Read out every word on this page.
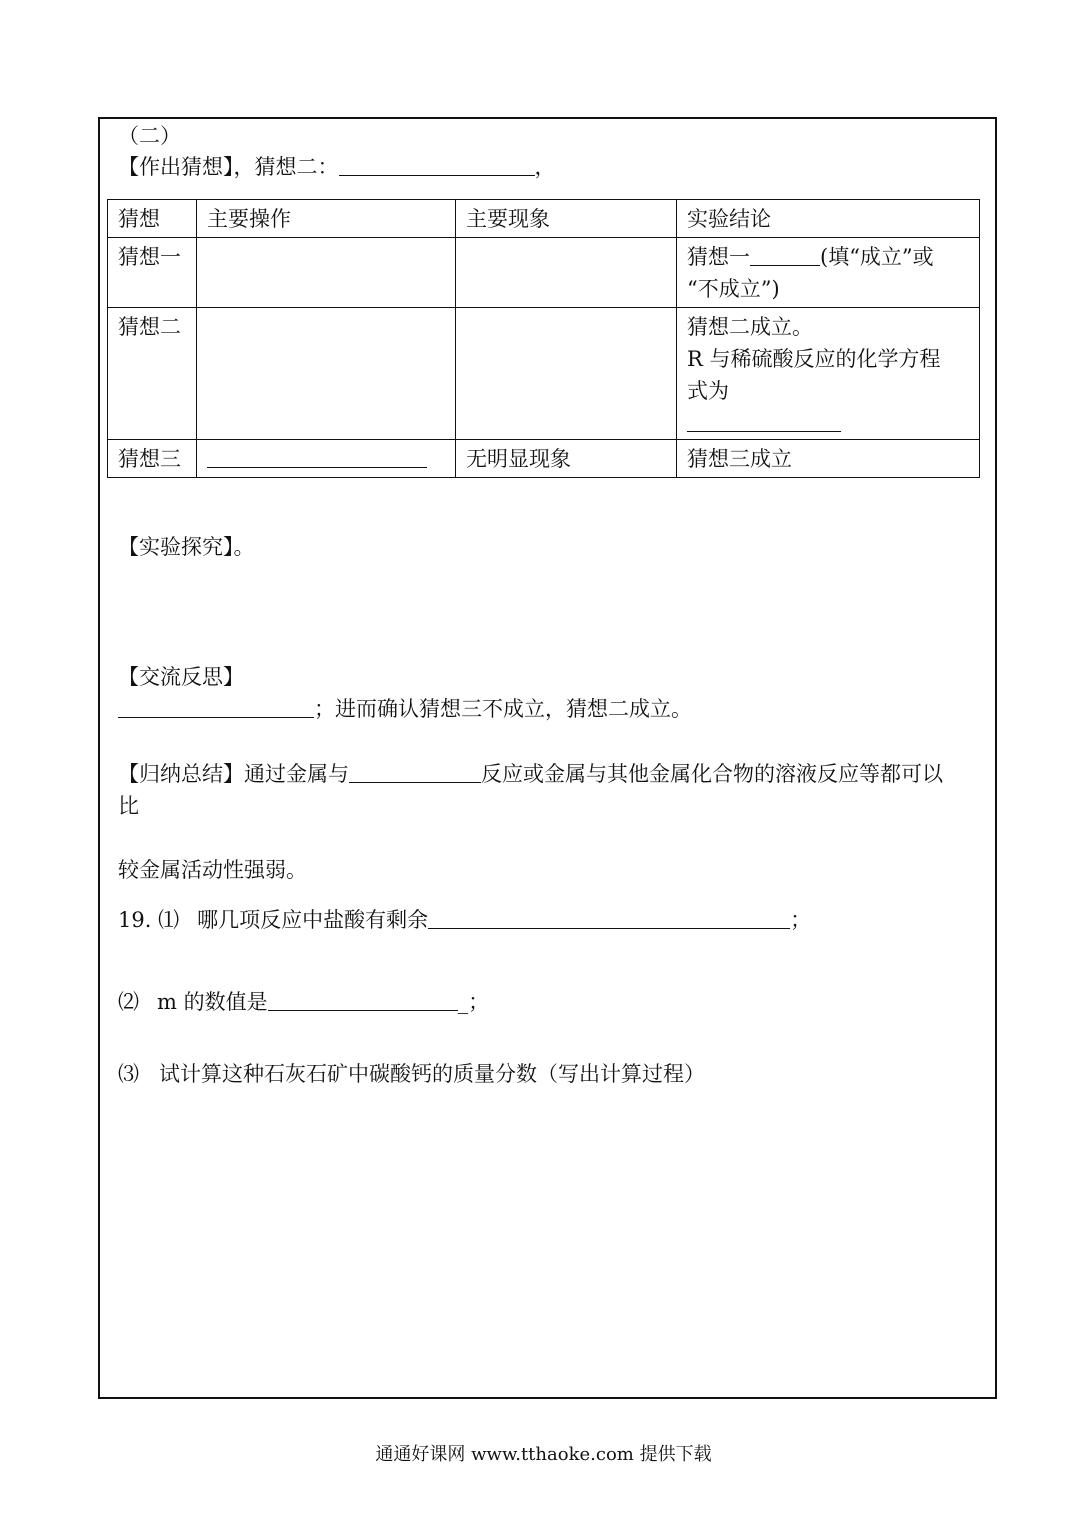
（二）
【作出猜想】，猜想二：	，
猜想	主要操作	主要现象	实验结论
猜想一			猜想一 (填“成立”或
“不成立”)

猜想二			猜想二成立。
R 与稀硫酸反应的化学方程
式为

猜想三		无明显现象	猜想三成立
【实验探究】。
【交流反思】
；进而确认猜想三不成立，猜想二成立。
【归纳总结】通过金属与	反应或金属与其他金属化合物的溶液反应等都可以
比
较金属活动性强弱。
19. ⑴ 哪几项反应中盐酸有剩余	；
⑵ m 的数值是	_；
⑶ 试计算这种石灰石矿中碳酸钙的质量分数（写出计算过程）
通通好课网 www.tthaoke.com 提供下载
